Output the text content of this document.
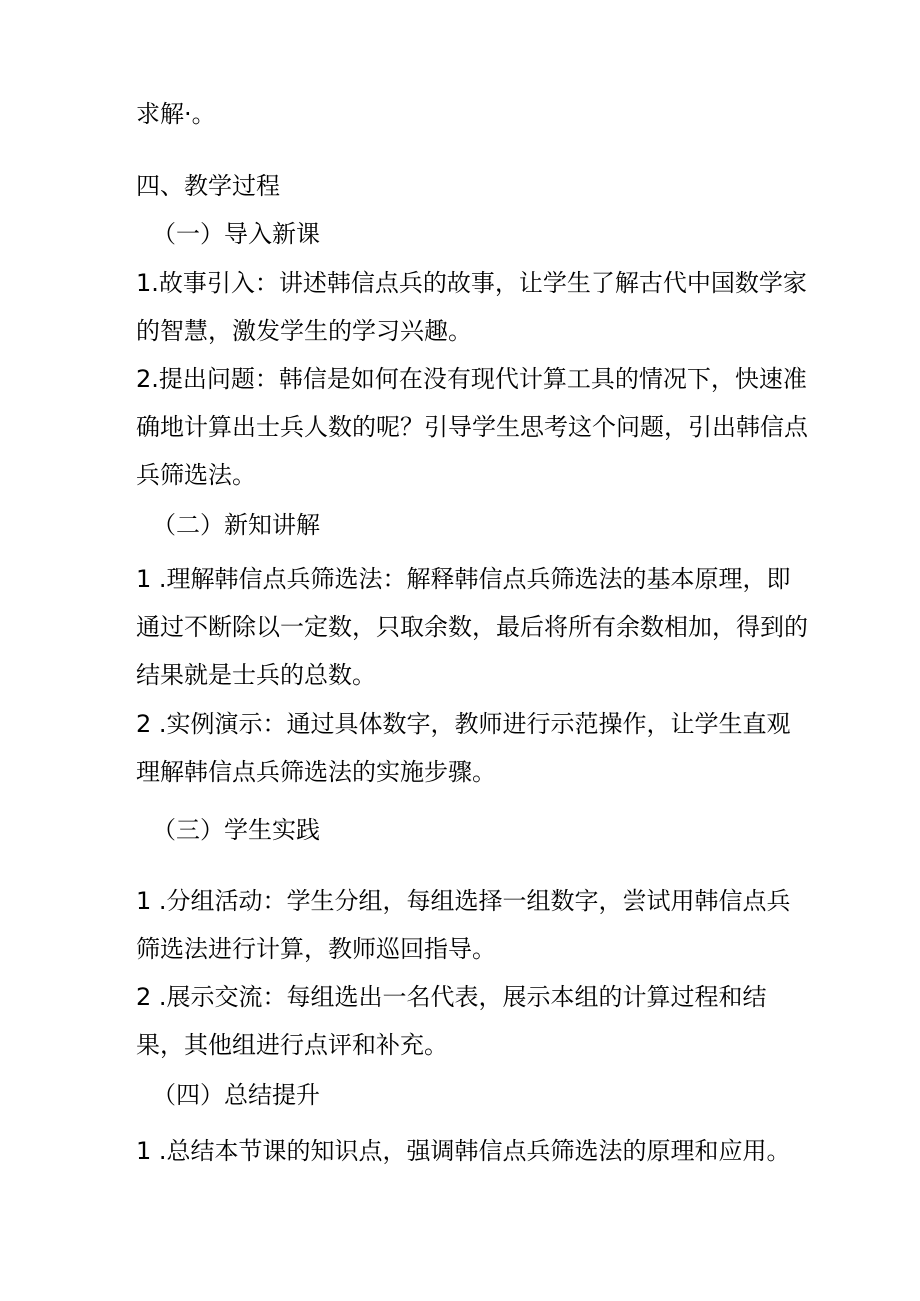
求解·。

四、教学过程

（一）导入新课

1.故事引入：讲述韩信点兵的故事，让学生了解古代中国数学家

的智慧，激发学生的学习兴趣。

2.提出问题：韩信是如何在没有现代计算工具的情况下，快速准

确地计算出士兵人数的呢？引导学生思考这个问题，引出韩信点

兵筛选法。

（二）新知讲解

1 .理解韩信点兵筛选法：解释韩信点兵筛选法的基本原理，即

通过不断除以一定数，只取余数，最后将所有余数相加，得到的

结果就是士兵的总数。

2 .实例演示：通过具体数字，教师进行示范操作，让学生直观

理解韩信点兵筛选法的实施步骤。

（三）学生实践

1 .分组活动：学生分组，每组选择一组数字，尝试用韩信点兵

筛选法进行计算，教师巡回指导。

2 .展示交流：每组选出一名代表，展示本组的计算过程和结

果，其他组进行点评和补充。

（四）总结提升

1 .总结本节课的知识点，强调韩信点兵筛选法的原理和应用。
